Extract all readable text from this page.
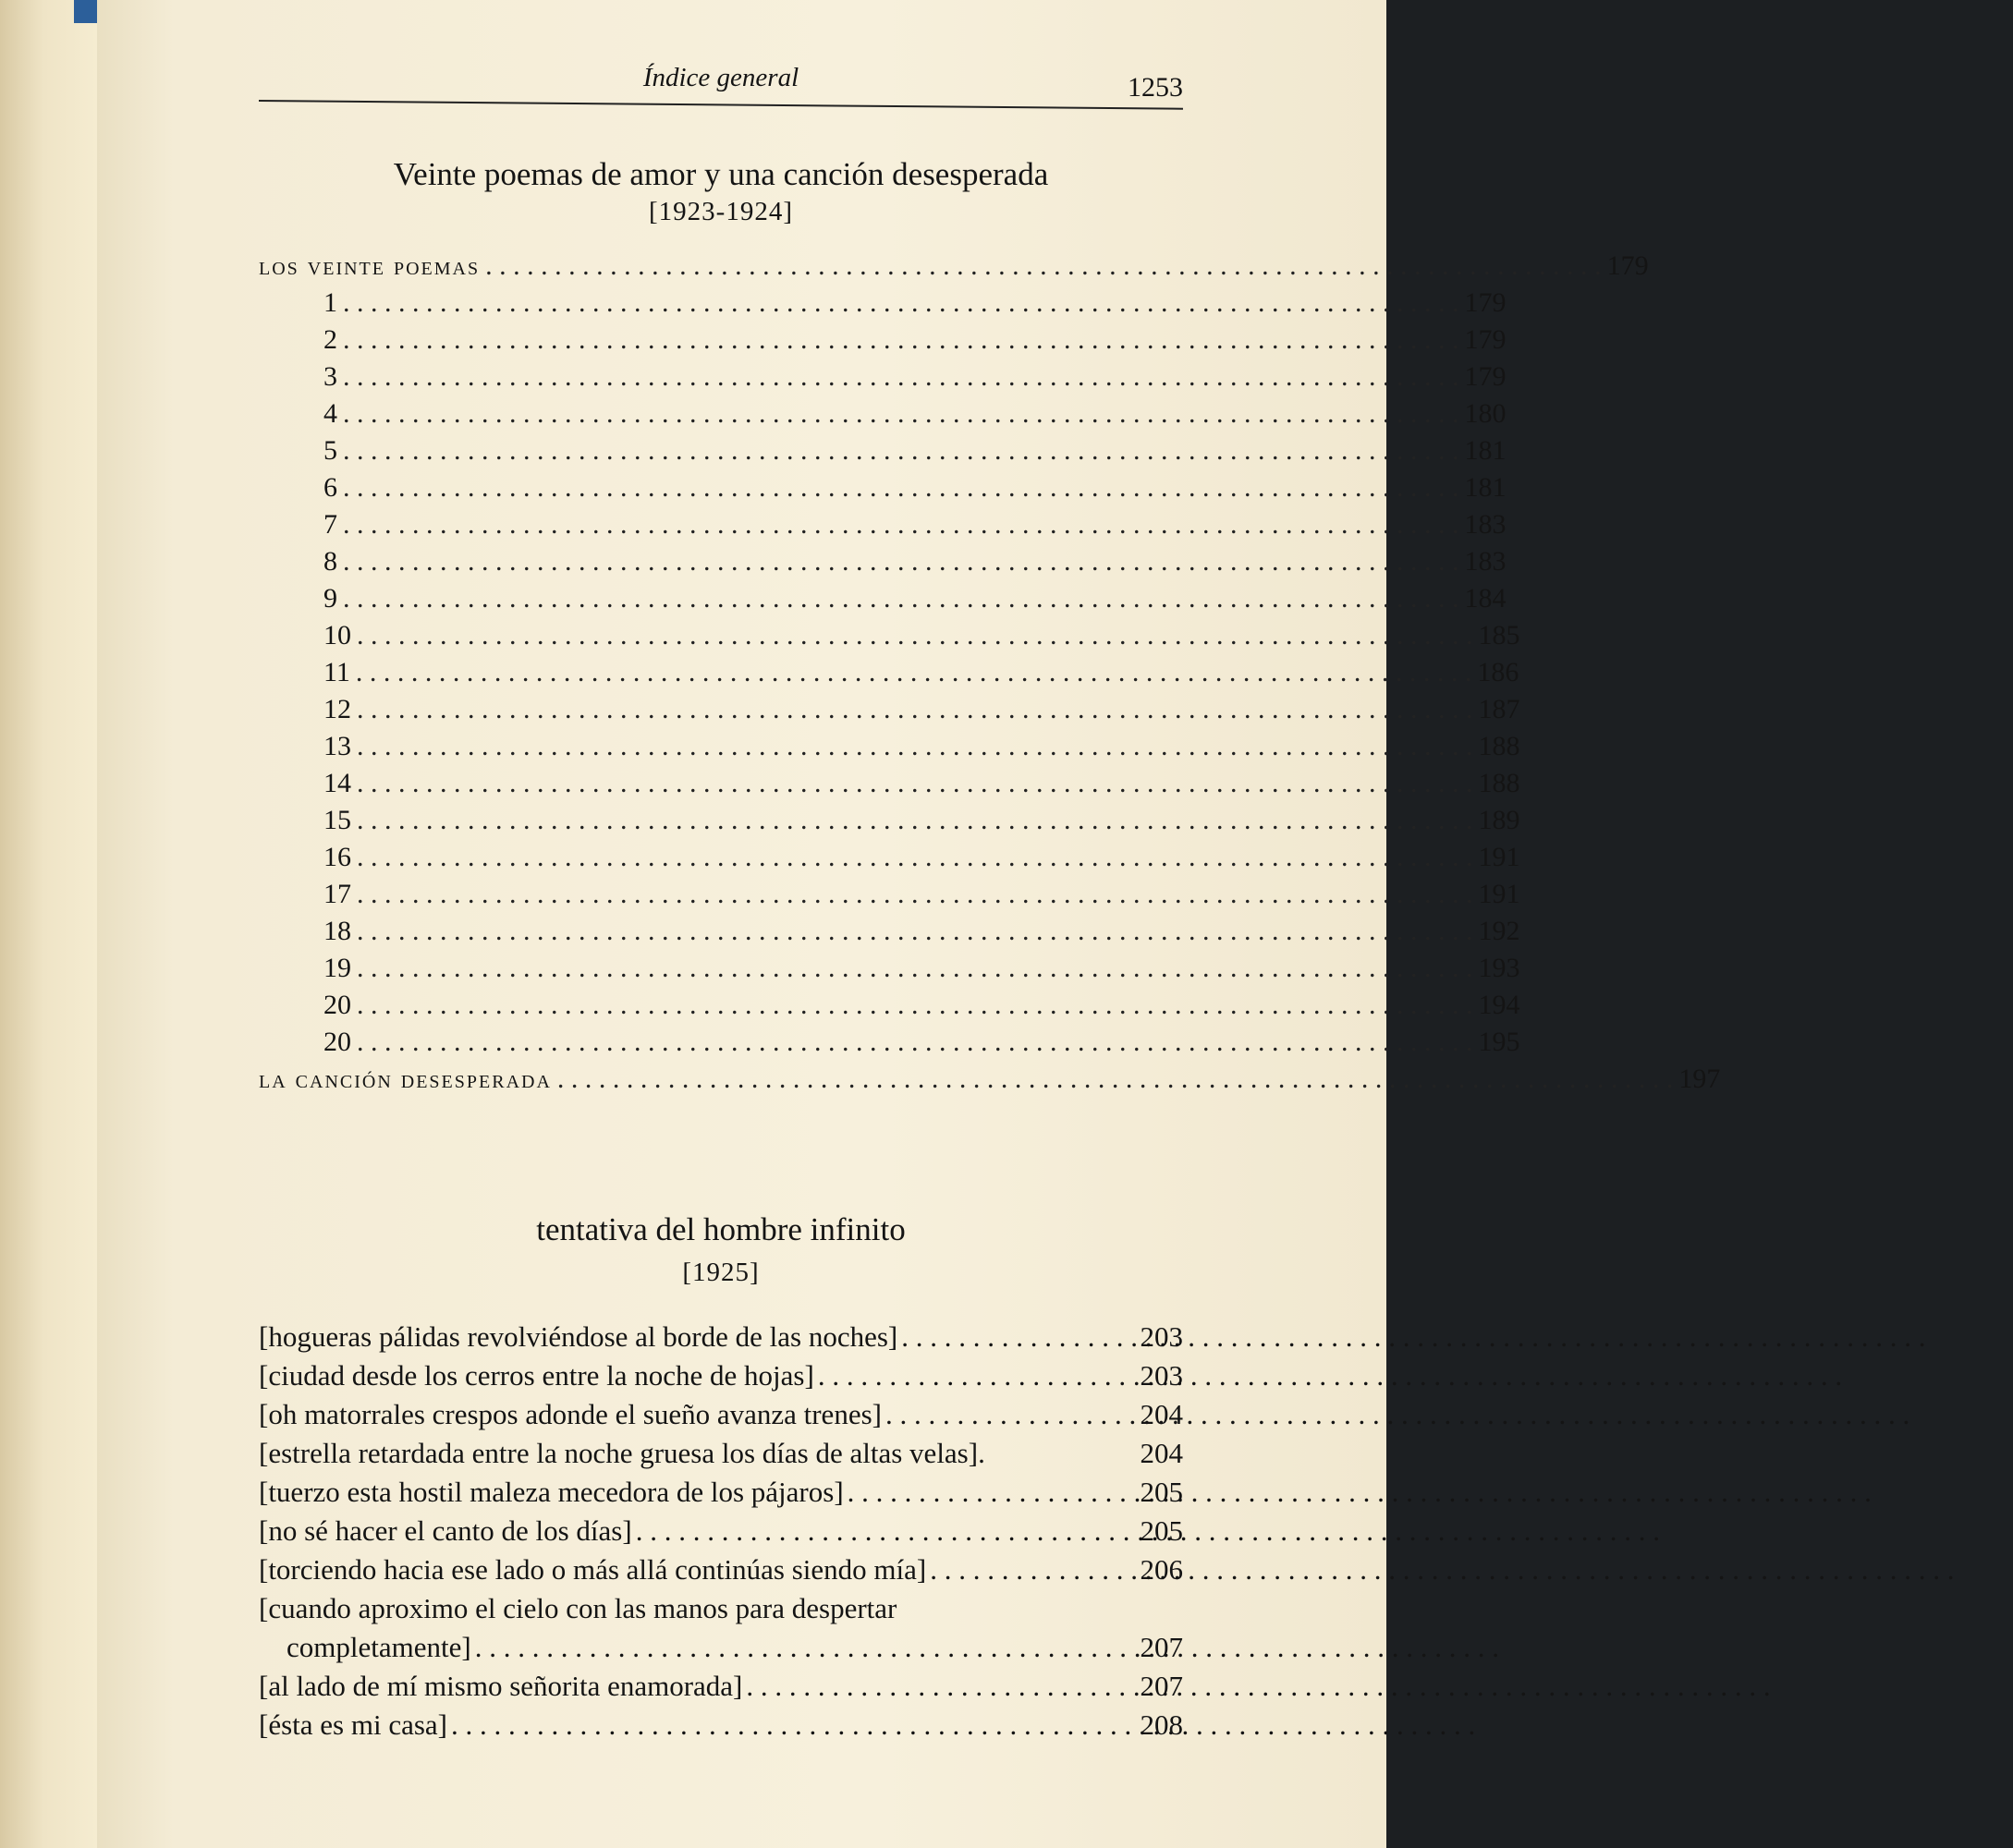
Índice general	1253
Veinte poemas de amor y una canción desesperada
[1923-1924]
los veinte poemas . . .	179
1 . . .	179
2 . . .	179
3 . . .	179
4 . . .	180
5 . . .	181
6 . . .	181
7 . . .	183
8 . . .	183
9 . . .	184
10 . . .	185
11 . . .	186
12 . . .	187
13 . . .	188
14 . . .	188
15 . . .	189
16 . . .	191
17 . . .	191
18 . . .	192
19 . . .	193
20 . . .	194
20 . . .	195
la canción desesperada . . .	197
tentativa del hombre infinito
[1925]
[hogueras pálidas revolviéndose al borde de las noches] . . .	203
[ciudad desde los cerros entre la noche de hojas] . . .	203
[oh matorrales crespos adonde el sueño avanza trenes] . . .	204
[estrella retardada entre la noche gruesa los días de altas velas].	204
[tuerzo esta hostil maleza mecedora de los pájaros] . . .	205
[no sé hacer el canto de los días] . . .	205
[torciendo hacia ese lado o más allá continúas siendo mía] . . .	206
[cuando aproximo el cielo con las manos para despertar
completamente] . . .	207
[al lado de mí mismo señorita enamorada] . . .	207
[ésta es mi casa] . . .	208
